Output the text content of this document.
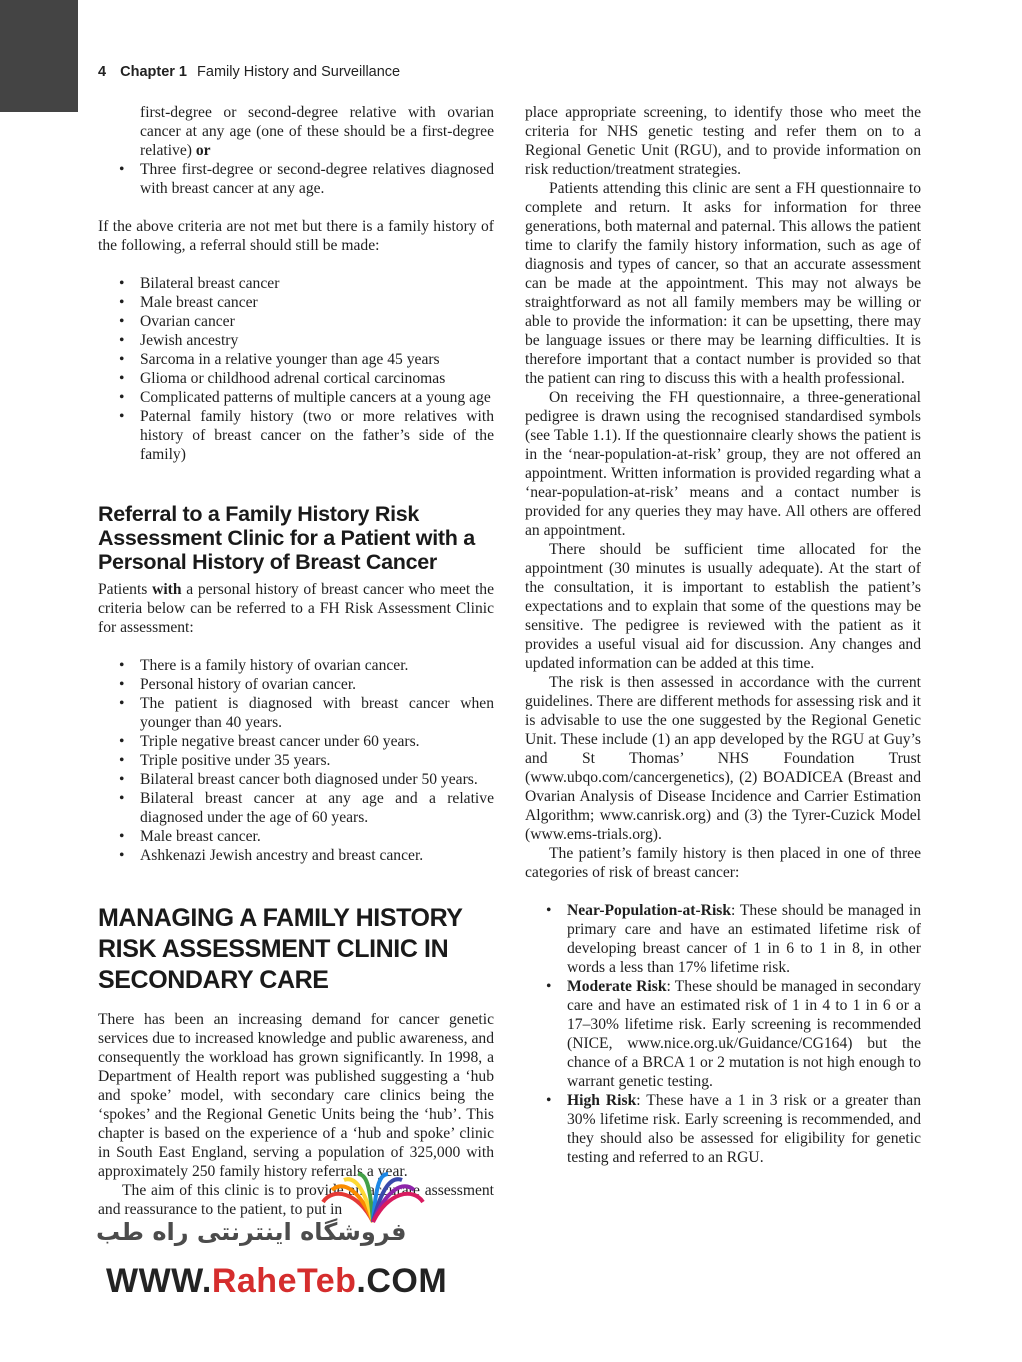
4 Chapter 1 Family History and Surveillance
first-degree or second-degree relative with ovarian cancer at any age (one of these should be a first-degree relative) or
• Three first-degree or second-degree relatives diagnosed with breast cancer at any age.

If the above criteria are not met but there is a family history of the following, a referral should still be made:

• Bilateral breast cancer
• Male breast cancer
• Ovarian cancer
• Jewish ancestry
• Sarcoma in a relative younger than age 45 years
• Glioma or childhood adrenal cortical carcinomas
• Complicated patterns of multiple cancers at a young age
• Paternal family history (two or more relatives with history of breast cancer on the father’s side of the family)
Referral to a Family History Risk Assessment Clinic for a Patient with a Personal History of Breast Cancer

Patients with a personal history of breast cancer who meet the criteria below can be referred to a FH Risk Assessment Clinic for assessment:

• There is a family history of ovarian cancer.
• Personal history of ovarian cancer.
• The patient is diagnosed with breast cancer when younger than 40 years.
• Triple negative breast cancer under 60 years.
• Triple positive under 35 years.
• Bilateral breast cancer both diagnosed under 50 years.
• Bilateral breast cancer at any age and a relative diagnosed under the age of 60 years.
• Male breast cancer.
• Ashkenazi Jewish ancestry and breast cancer.
MANAGING A FAMILY HISTORY RISK ASSESSMENT CLINIC IN SECONDARY CARE

There has been an increasing demand for cancer genetic services due to increased knowledge and public awareness, and consequently the workload has grown significantly. In 1998, a Department of Health report was published suggesting a ‘hub and spoke’ model, with secondary care clinics being the ‘spokes’ and the Regional Genetic Units being the ‘hub’. This chapter is based on the experience of a ‘hub and spoke’ clinic in South East England, serving a population of 325,000 with approximately 250 family history referrals a year.

The aim of this clinic is to provide an accurate assessment and reassurance to the patient, to put in

place appropriate screening, to identify those who meet the criteria for NHS genetic testing and refer them on to a Regional Genetic Unit (RGU), and to provide information on risk reduction/treatment strategies.

Patients attending this clinic are sent a FH questionnaire to complete and return. It asks for information for three generations, both maternal and paternal. This allows the patient time to clarify the family history information, such as age of diagnosis and types of cancer, so that an accurate assessment can be made at the appointment. This may not always be straightforward as not all family members may be willing or able to provide the information: it can be upsetting, there may be language issues or there may be learning difficulties. It is therefore important that a contact number is provided so that the patient can ring to discuss this with a health professional.

On receiving the FH questionnaire, a three-generational pedigree is drawn using the recognised standardised symbols (see Table 1.1). If the questionnaire clearly shows the patient is in the ‘near-population-at-risk’ group, they are not offered an appointment. Written information is provided regarding what a ‘near-population-at-risk’ means and a contact number is provided for any queries they may have. All others are offered an appointment.

There should be sufficient time allocated for the appointment (30 minutes is usually adequate). At the start of the consultation, it is important to establish the patient’s expectations and to explain that some of the questions may be sensitive. The pedigree is reviewed with the patient as it provides a useful visual aid for discussion. Any changes and updated information can be added at this time.

The risk is then assessed in accordance with the current guidelines. There are different methods for assessing risk and it is advisable to use the one suggested by the Regional Genetic Unit. These include (1) an app developed by the RGU at Guy’s and St Thomas’ NHS Foundation Trust (www.ubqo.com/cancergenetics), (2) BOADICEA (Breast and Ovarian Analysis of Disease Incidence and Carrier Estimation Algorithm; www.canrisk.org) and (3) the Tyrer-Cuzick Model (www.ems-trials.org).

The patient’s family history is then placed in one of three categories of risk of breast cancer:

• Near-Population-at-Risk: These should be managed in primary care and have an estimated lifetime risk of developing breast cancer of 1 in 6 to 1 in 8, in other words a less than 17% lifetime risk.
• Moderate Risk: These should be managed in secondary care and have an estimated risk of 1 in 4 to 1 in 6 or a 17–30% lifetime risk. Early screening is recommended (NICE, www.nice.org.uk/Guidance/CG164) but the chance of a BRCA 1 or 2 mutation is not high enough to warrant genetic testing.
• High Risk: These have a 1 in 3 risk or a greater than 30% lifetime risk. Early screening is recommended, and they should also be assessed for eligibility for genetic testing and referred to an RGU.
فروشگاه اینترنتی راه طب
WWW.RaheTeb.COM
